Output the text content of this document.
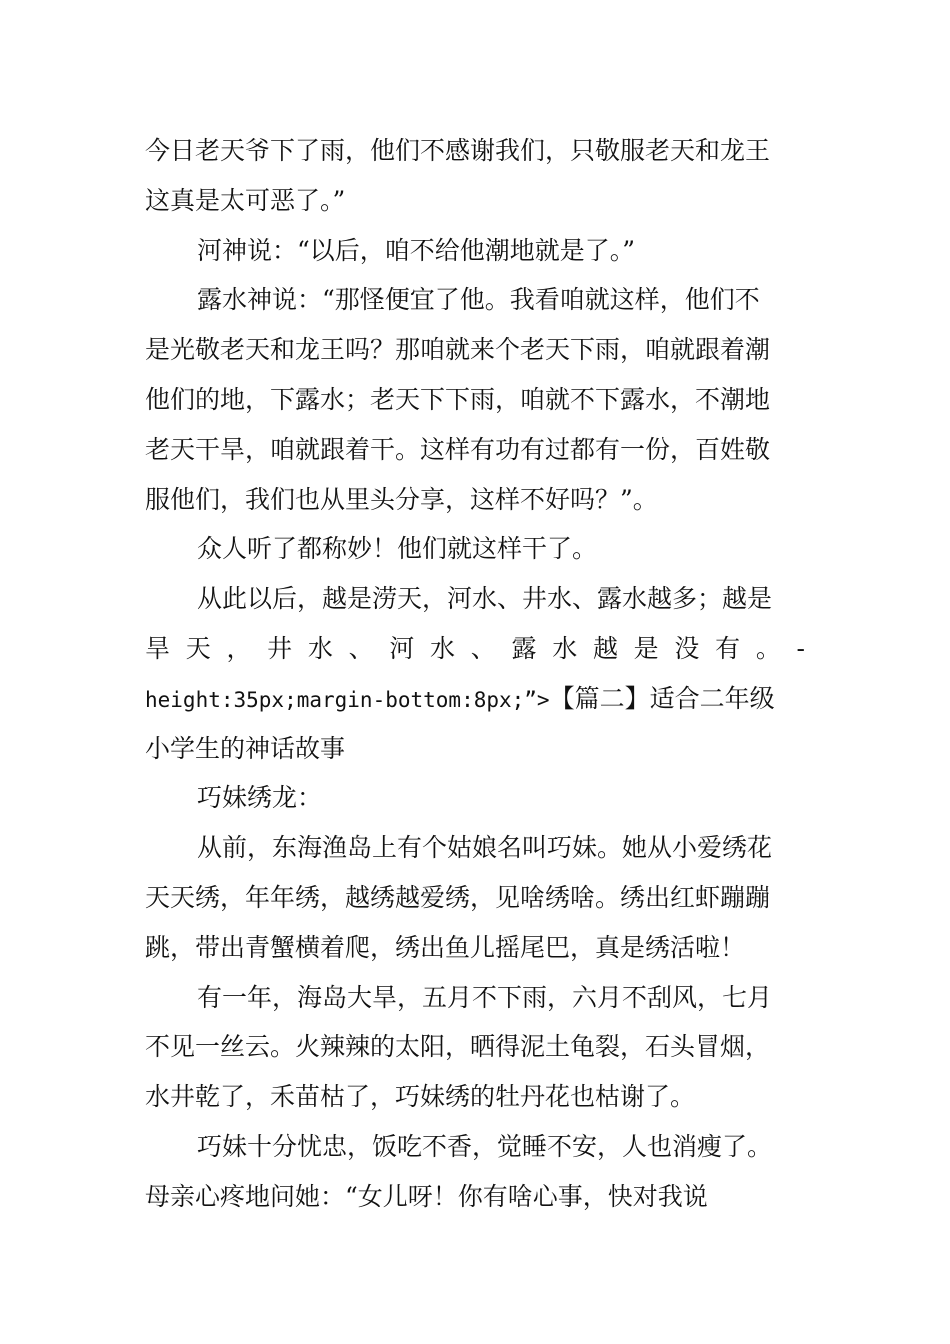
今日老天爷下了雨，他们不感谢我们，只敬服老天和龙王
这真是太可恶了。”
河神说：“以后，咱不给他潮地就是了。”
露水神说：“那怪便宜了他。我看咱就这样，他们不
是光敬老天和龙王吗？那咱就来个老天下雨，咱就跟着潮
他们的地，下露水；老天下下雨，咱就不下露水，不潮地
老天干旱，咱就跟着干。这样有功有过都有一份，百姓敬
服他们，我们也从里头分享，这样不好吗？”。
众人听了都称妙！他们就这样干了。
从此以后，越是涝天，河水、井水、露水越多；越是
旱天，井水、河水、露水越是没有。-
height:35px;margin-bottom:8px;”>【篇二】适合二年级
小学生的神话故事
巧妹绣龙：
从前，东海渔岛上有个姑娘名叫巧妹。她从小爱绣花
天天绣，年年绣，越绣越爱绣，见啥绣啥。绣出红虾蹦蹦
跳，带出青蟹横着爬，绣出鱼儿摇尾巴，真是绣活啦！
有一年，海岛大旱，五月不下雨，六月不刮风，七月
不见一丝云。火辣辣的太阳，晒得泥土龟裂，石头冒烟，
水井乾了，禾苗枯了，巧妹绣的牡丹花也枯谢了。
巧妹十分忧忠，饭吃不香，觉睡不安，人也消瘦了。
母亲心疼地问她：“女儿呀！你有啥心事，快对我说
